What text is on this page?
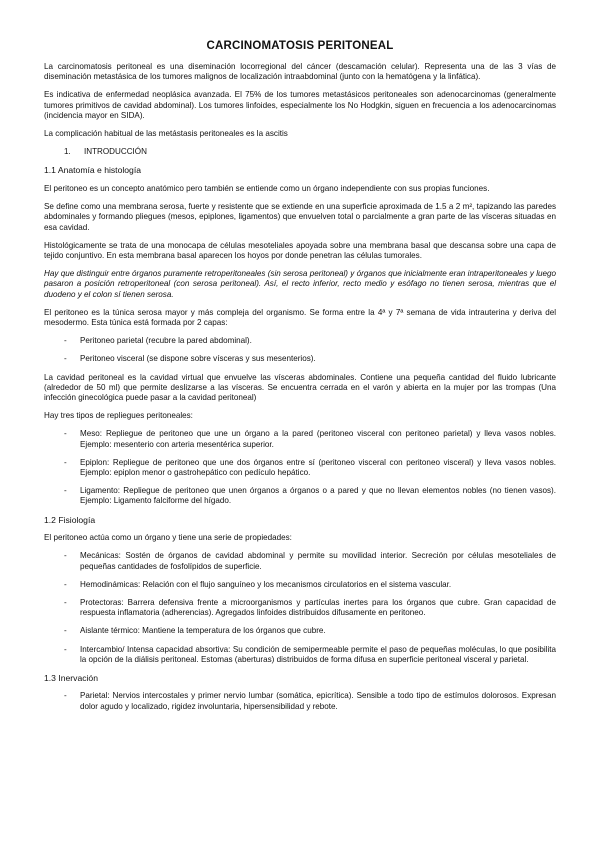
CARCINOMATOSIS PERITONEAL

La carcinomatosis peritoneal es una diseminación locorregional del cáncer (descamación celular). Representa una de las 3 vías de diseminación metastásica de los tumores malignos de localización intraabdominal (junto con la hematógena y la linfática).

Es indicativa de enfermedad neoplásica avanzada. El 75% de los tumores metastásicos peritoneales son adenocarcinomas (generalmente tumores primitivos de cavidad abdominal). Los tumores linfoides, especialmente los No Hodgkin, siguen en frecuencia a los adenocarcinomas (incidencia mayor en SIDA).

La complicación habitual de las metástasis peritoneales es la ascitis

1. INTRODUCCIÓN
1.1 Anatomía e histología

El peritoneo es un concepto anatómico pero también se entiende como un órgano independiente con sus propias funciones.

Se define como una membrana serosa, fuerte y resistente que se extiende en una superficie aproximada de 1.5 a 2 m², tapizando las paredes abdominales y formando pliegues (mesos, epiplones, ligamentos) que envuelven total o parcialmente a gran parte de las vísceras situadas en esa cavidad.

Histológicamente se trata de una monocapa de células mesoteliales apoyada sobre una membrana basal que descansa sobre una capa de tejido conjuntivo. En esta membrana basal aparecen los hoyos por donde penetran las células tumorales.

Hay que distinguir entre órganos puramente retroperitoneales (sin serosa peritoneal) y órganos que inicialmente eran intraperitoneales y luego pasaron a posición retroperitoneal (con serosa peritoneal). Así, el recto inferior, recto medio y esófago no tienen serosa, mientras que el duodeno y el colon sí tienen serosa.

El peritoneo es la túnica serosa mayor y más compleja del organismo. Se forma entre la 4ª y 7ª semana de vida intrauterina y deriva del mesodermo. Esta túnica está formada por 2 capas:

- Peritoneo parietal (recubre la pared abdominal).
- Peritoneo visceral (se dispone sobre vísceras y sus mesenterios).

La cavidad peritoneal es la cavidad virtual que envuelve las vísceras abdominales. Contiene una pequeña cantidad del fluido lubricante (alrededor de 50 ml) que permite deslizarse a las vísceras. Se encuentra cerrada en el varón y abierta en la mujer por las trompas (Una infección ginecológica puede pasar a la cavidad peritoneal)

Hay tres tipos de repliegues peritoneales:

- Meso: Repliegue de peritoneo que une un órgano a la pared (peritoneo visceral con peritoneo parietal) y lleva vasos nobles. Ejemplo: mesenterio con arteria mesentérica superior.
- Epiplon: Repliegue de peritoneo que une dos órganos entre sí (peritoneo visceral con peritoneo visceral) y lleva vasos nobles. Ejemplo: epiplon menor o gastrohepático con pedículo hepático.
- Ligamento: Repliegue de peritoneo que unen órganos a órganos o a pared y que no llevan elementos nobles (no tienen vasos). Ejemplo: Ligamento falciforme del hígado.
1.2 Fisiología

El peritoneo actúa como un órgano y tiene una serie de propiedades:

- Mecánicas: Sostén de órganos de cavidad abdominal y permite su movilidad interior. Secreción por células mesoteliales de pequeñas cantidades de fosfolípidos de superficie.
- Hemodinámicas: Relación con el flujo sanguíneo y los mecanismos circulatorios en el sistema vascular.
- Protectoras: Barrera defensiva frente a microorganismos y partículas inertes para los órganos que cubre. Gran capacidad de respuesta inflamatoria (adherencias). Agregados linfoides distribuidos difusamente en peritoneo.
- Aislante térmico: Mantiene la temperatura de los órganos que cubre.
- Intercambio/ Intensa capacidad absortiva: Su condición de semipermeable permite el paso de pequeñas moléculas, lo que posibilita la opción de la diálisis peritoneal. Estomas (aberturas) distribuidos de forma difusa en superficie peritoneal visceral y parietal.
1.3 Inervación
- Parietal: Nervios intercostales y primer nervio lumbar (somática, epicrítica). Sensible a todo tipo de estímulos dolorosos. Expresan dolor agudo y localizado, rigidez involuntaria, hipersensibilidad y rebote.
